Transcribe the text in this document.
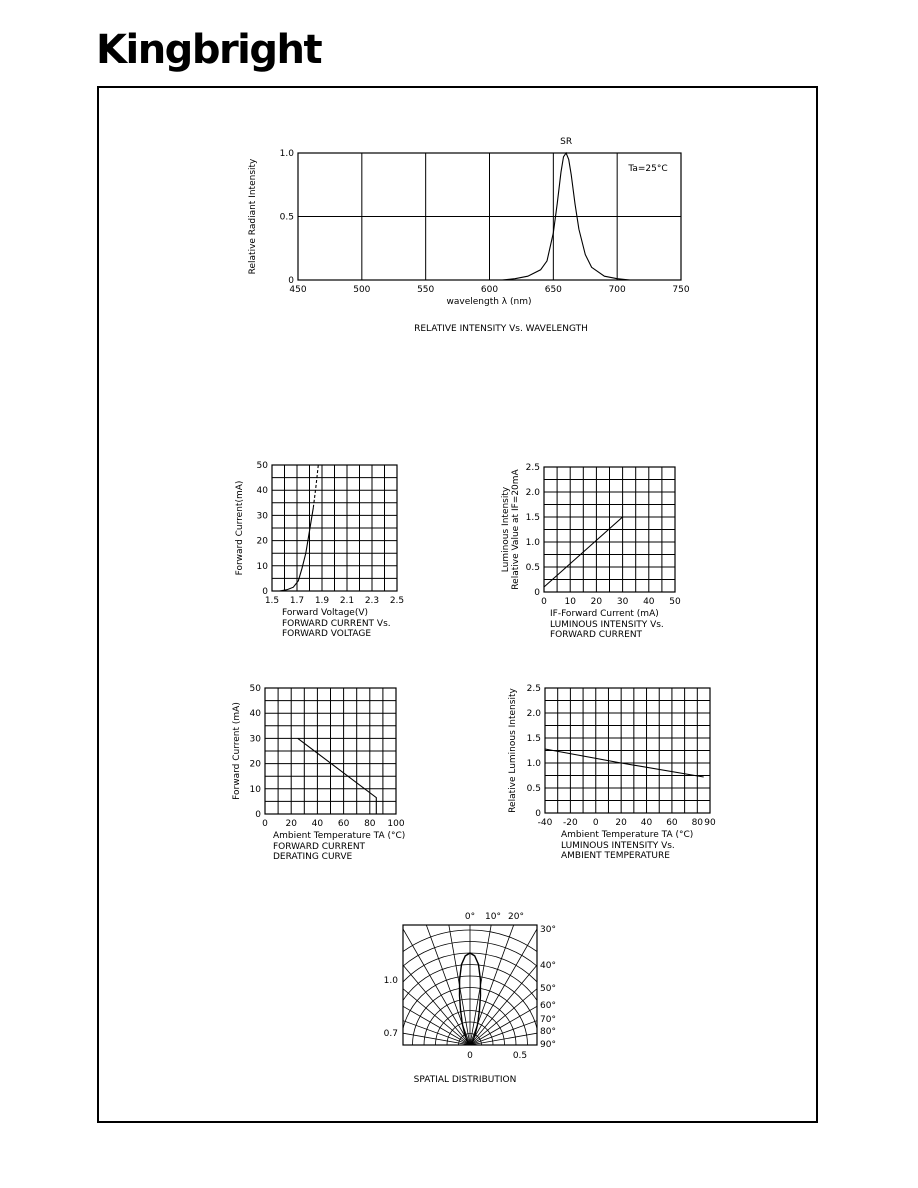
Kingbright
450	500	550	600	650	700	750
0
0.5
1.0
Relative Radiant Intensity
wavelength λ (nm)
RELATIVE INTENSITY Vs. WAVELENGTH
SR
Ta=25°C
1.5 1.7 1.9 2.1 2.3 2.5
0
10
20
30
40
50
Forward Current(mA)
Forward Voltage(V)
FORWARD CURRENT Vs.
FORWARD VOLTAGE
0 10 20 30 40 50
0
0.5
1.0
1.5
2.0
2.5
Luminous Intensity Relative Value at IF=20mA
IF-Forward Current (mA)
LUMINOUS INTENSITY Vs.
FORWARD CURRENT
0 20 40 60 80 100
0
10
20
30
40
50
Forward Current (mA)
Ambient Temperature TA (°C)
FORWARD CURRENT
DERATING CURVE
-40 -20 0 20 40 60 80 90
0
0.5
1.0
1.5
2.0
2.5
Relative Luminous Intensity
Ambient Temperature TA (°C)
LUMINOUS INTENSITY Vs.
AMBIENT TEMPERATURE
0° 10° 20°
30°
40°
50°
60°
70°
80°
90°
1.0
0.7
0	0.5
SPATIAL DISTRIBUTION
